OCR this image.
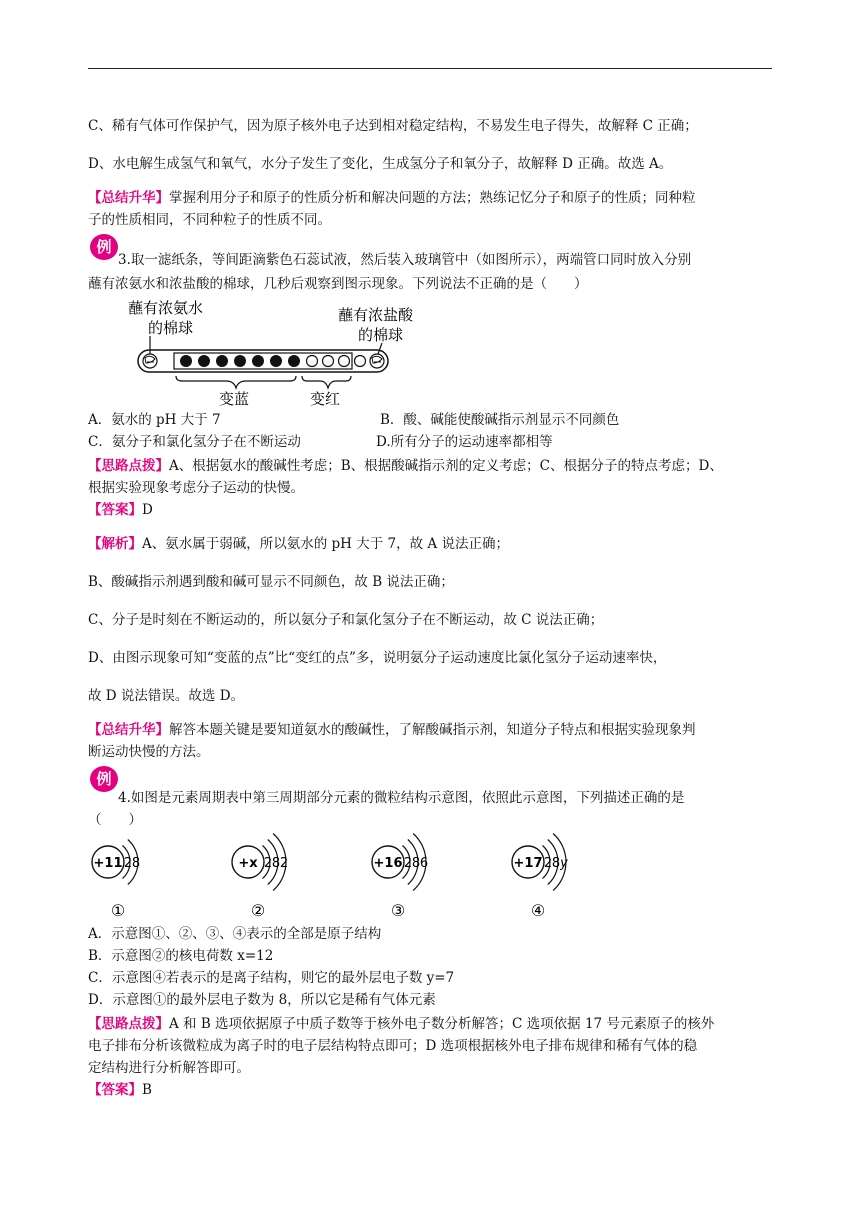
C、稀有气体可作保护气，因为原子核外电子达到相对稳定结构，不易发生电子得失，故解释 C 正确；
D、水电解生成氢气和氧气，水分子发生了变化，生成氢分子和氧分子，故解释 D 正确。故选 A。
【总结升华】掌握利用分子和原子的性质分析和解决问题的方法；熟练记忆分子和原子的性质；同种粒
子的性质相同，不同种粒子的性质不同。
例
3.取一滤纸条，等间距滴紫色石蕊试液，然后装入玻璃管中（如图所示），两端管口同时放入分别
蘸有浓氨水和浓盐酸的棉球，几秒后观察到图示现象。下列说法不正确的是（　　）
蘸有浓氨水
的棉球
蘸有浓盐酸
的棉球
变蓝	变红
A．氨水的 pH 大于 7	B．酸、碱能使酸碱指示剂显示不同颜色
C．氨分子和氯化氢分子在不断运动	D.所有分子的运动速率都相等
【思路点拨】A、根据氨水的酸碱性考虑；B、根据酸碱指示剂的定义考虑；C、根据分子的特点考虑；D、
根据实验现象考虑分子运动的快慢。
【答案】D
【解析】A、氨水属于弱碱，所以氨水的 pH 大于 7，故 A 说法正确；
B、酸碱指示剂遇到酸和碱可显示不同颜色，故 B 说法正确；
C、分子是时刻在不断运动的，所以氨分子和氯化氢分子在不断运动，故 C 说法正确；
D、由图示现象可知“变蓝的点”比“变红的点”多，说明氨分子运动速度比氯化氢分子运动速率快，
故 D 说法错误。故选 D。
【总结升华】解答本题关键是要知道氨水的酸碱性，了解酸碱指示剂，知道分子特点和根据实验现象判
断运动快慢的方法。
例
4.如图是元素周期表中第三周期部分元素的微粒结构示意图，依照此示意图，下列描述正确的是
（　　）
+11 2 8
①
+x 2 8 2
②
+16 2 8 6
③
+17 2 8 y
④
A．示意图①、②、③、④表示的全部是原子结构
B．示意图②的核电荷数 x=12
C．示意图④若表示的是离子结构，则它的最外层电子数 y=7
D．示意图①的最外层电子数为 8，所以它是稀有气体元素
【思路点拨】A 和 B 选项依据原子中质子数等于核外电子数分析解答；C 选项依据 17 号元素原子的核外
电子排布分析该微粒成为离子时的电子层结构特点即可；D 选项根据核外电子排布规律和稀有气体的稳
定结构进行分析解答即可。
【答案】B
